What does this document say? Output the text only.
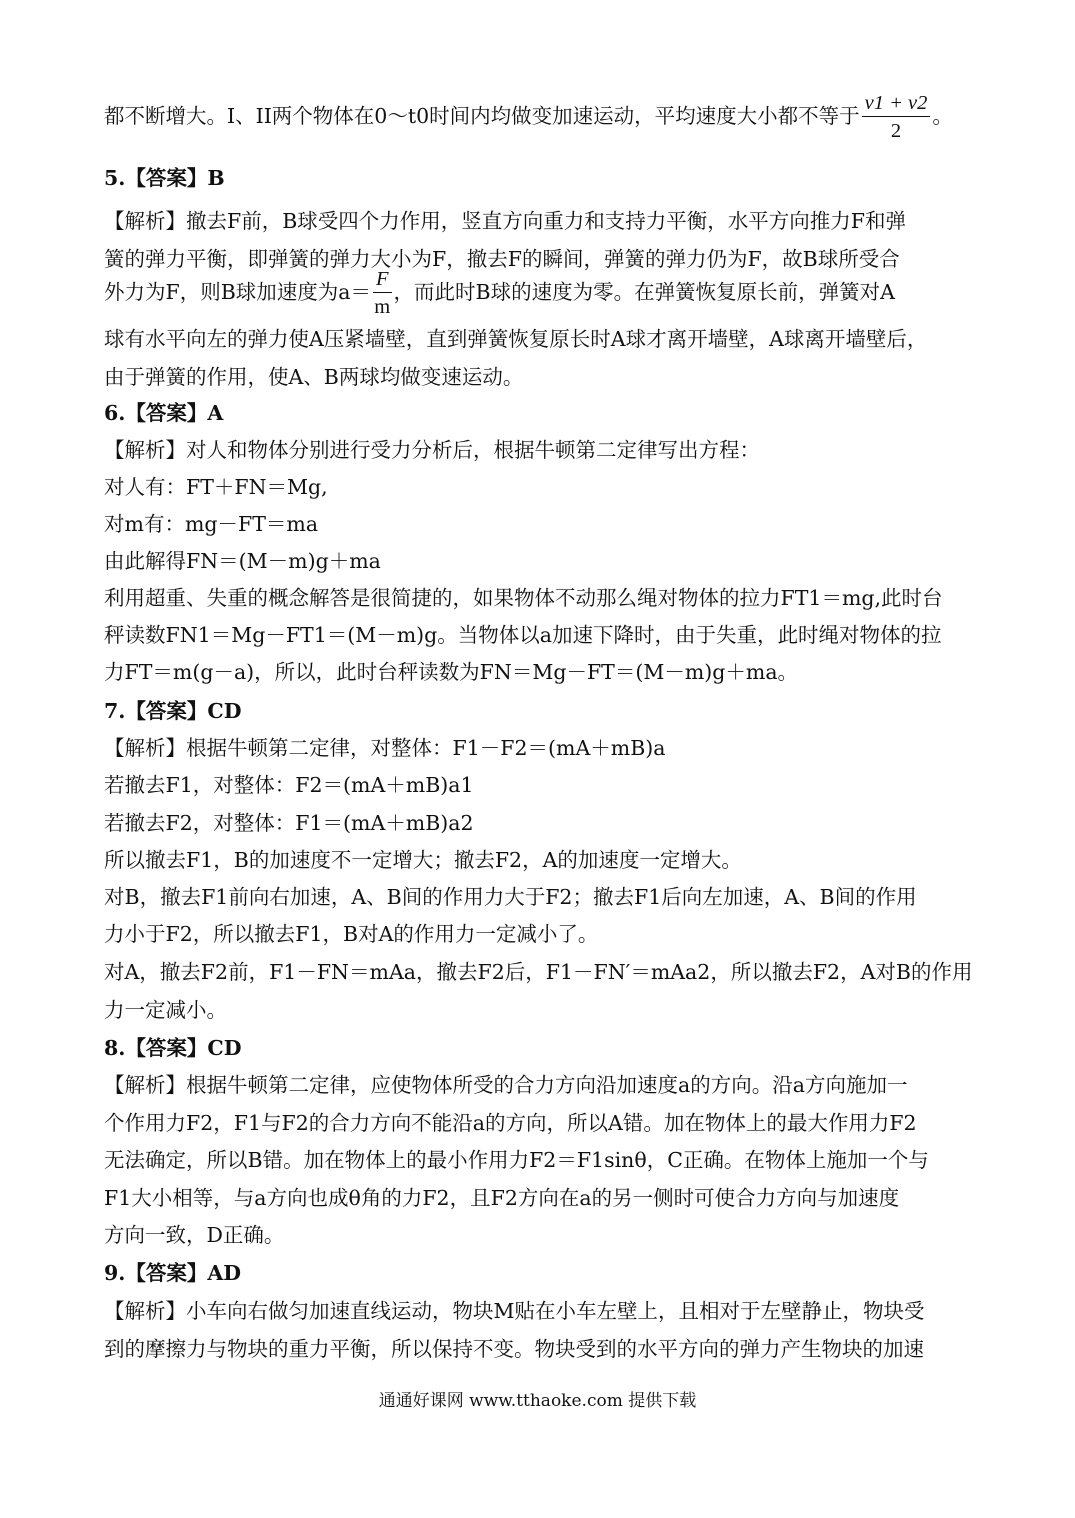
都不断增大。I、II两个物体在0～t0时间内均做变加速运动，平均速度大小都不等于 $\frac{v1 + v2}{2}$ 。
5.【答案】B
【解析】撤去F前，B球受四个力作用，竖直方向重力和支持力平衡，水平方向推力F和弹
簧的弹力平衡，即弹簧的弹力大小为F，撤去F的瞬间，弹簧的弹力仍为F，故B球所受合
外力为F，则B球加速度为$a= \frac{F}{m}$ ，而此时B球的速度为零。在弹簧恢复原长前，弹簧对A
球有水平向左的弹力使A压紧墙壁，直到弹簧恢复原长时A球才离开墙壁，A球离开墙壁后，
由于弹簧的作用，使A、B两球均做变速运动。
6.【答案】A
【解析】对人和物体分别进行受力分析后，根据牛顿第二定律写出方程：
对人有：FT＋FN＝Mg,
对m有：mg－FT＝ma
由此解得FN＝(M－m)g＋ma
利用超重、失重的概念解答是很简捷的，如果物体不动那么绳对物体的拉力FT1＝mg,此时台
秤读数FN1＝Mg－FT1＝(M－m)g。当物体以a加速下降时，由于失重，此时绳对物体的拉
力FT＝m(g－a)，所以，此时台秤读数为FN＝Mg－FT＝(M－m)g＋ma。
7.【答案】CD
【解析】根据牛顿第二定律，对整体：F1－F2＝(mA＋mB)a
若撤去F1，对整体：F2＝(mA＋mB)a1
若撤去F2，对整体：F1＝(mA＋mB)a2
所以撤去F1，B的加速度不一定增大；撤去F2，A的加速度一定增大。
对B，撤去F1前向右加速，A、B间的作用力大于F2；撤去F1后向左加速，A、B间的作用
力小于F2，所以撤去F1，B对A的作用力一定减小了。
对A，撤去F2前，F1－FN＝mAa，撤去F2后，F1－FN′＝mAa2，所以撤去F2，A对B的作用
力一定减小。
8.【答案】CD
【解析】根据牛顿第二定律，应使物体所受的合力方向沿加速度a的方向。沿a方向施加一
个作用力F2，F1与F2的合力方向不能沿a的方向，所以A错。加在物体上的最大作用力F2
无法确定，所以B错。加在物体上的最小作用力F2＝F1sinθ，C正确。在物体上施加一个与
F1大小相等，与a方向也成θ角的力F2，且F2方向在a的另一侧时可使合力方向与加速度
方向一致，D正确。
9.【答案】AD
【解析】小车向右做匀加速直线运动，物块M贴在小车左壁上，且相对于左壁静止，物块受
到的摩擦力与物块的重力平衡，所以保持不变。物块受到的水平方向的弹力产生物块的加速
通通好课网 www.tthaoke.com 提供下载
